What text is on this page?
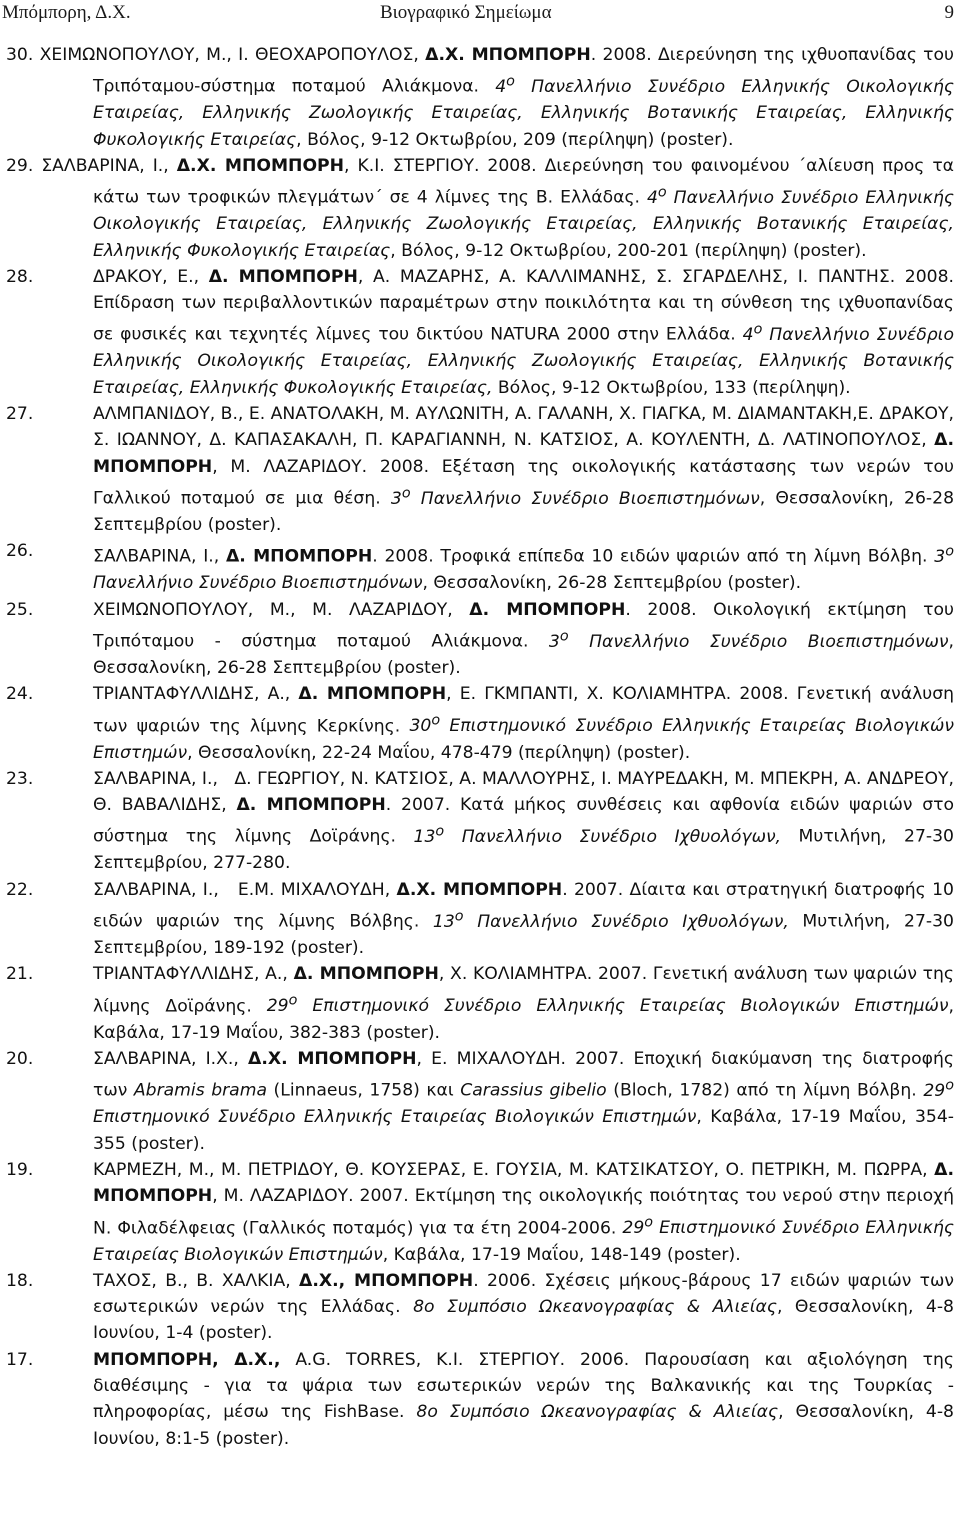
Μπόμπορη, Δ.Χ.	Βιογραφικό Σημείωμα	9
30. ΧΕΙΜΩΝΟΠΟΥΛΟΥ, Μ., Ι. ΘΕΟΧΑΡΟΠΟΥΛΟΣ, Δ.Χ. ΜΠΟΜΠΟΡΗ. 2008. Διερεύνηση της ιχθυοπανίδας του Τριπόταμου-σύστημα ποταμού Αλιάκμονα. $4^o$ Πανελλήνιο Συνέδριο Ελληνικής Οικολογικής Εταιρείας, Ελληνικής Ζωολογικής Εταιρείας, Ελληνικής Βοτανικής Εταιρείας, Ελληνικής Φυκολογικής Εταιρείας, Βόλος, 9-12 Οκτωβρίου, 209 (περίληψη) (poster).
29. ΣΑΛΒΑΡΙΝΑ, Ι., Δ.Χ. ΜΠΟΜΠΟΡΗ, Κ.Ι. ΣΤΕΡΓΙΟΥ. 2008. Διερεύνηση του φαινομένου ΄αλίευση προς τα κάτω των τροφικών πλεγμάτων΄ σε 4 λίμνες της Β. Ελλάδας. $4^o$ Πανελλήνιο Συνέδριο Ελληνικής Οικολογικής Εταιρείας, Ελληνικής Ζωολογικής Εταιρείας, Ελληνικής Βοτανικής Εταιρείας, Ελληνικής Φυκολογικής Εταιρείας, Βόλος, 9-12 Οκτωβρίου, 200-201 (περίληψη) (poster).
28.	ΔΡΑΚΟΥ, Ε., Δ. ΜΠΟΜΠΟΡΗ, Α. ΜΑΖΑΡΗΣ, Α. ΚΑΛΛΙΜΑΝΗΣ, Σ. ΣΓΑΡΔΕΛΗΣ, Ι. ΠΑΝΤΗΣ. 2008. Επίδραση των περιβαλλοντικών παραμέτρων στην ποικιλότητα και τη σύνθεση της ιχθυοπανίδας σε φυσικές και τεχνητές λίμνες του δικτύου NATURA 2000 στην Ελλάδα. $4^o$ Πανελλήνιο Συνέδριο Ελληνικής Οικολογικής Εταιρείας, Ελληνικής Ζωολογικής Εταιρείας, Ελληνικής Βοτανικής Εταιρείας, Ελληνικής Φυκολογικής Εταιρείας, Βόλος, 9-12 Οκτωβρίου, 133 (περίληψη).
27.	ΑΛΜΠΑΝΙΔΟΥ, Β., Ε. ΑΝΑΤΟΛΑΚΗ, Μ. ΑΥΛΩΝΙΤΗ, Α. ΓΑΛΑΝΗ, Χ. ΓΙΑΓΚΑ, Μ. ΔΙΑΜΑΝΤΑΚΗ,Ε. ΔΡΑΚΟΥ, Σ. ΙΩΑΝΝΟΥ, Δ. ΚΑΠΑΣΑΚΑΛΗ, Π. ΚΑΡΑΓΙΑΝΝΗ, Ν. ΚΑΤΣΙΟΣ, Α. ΚΟΥΛΕΝΤΗ, Δ. ΛΑΤΙΝΟΠΟΥΛΟΣ, Δ. ΜΠΟΜΠΟΡΗ, Μ. ΛΑΖΑΡΙΔΟΥ. 2008. Εξέταση της οικολογικής κατάστασης των νερών του Γαλλικού ποταμού σε μια θέση. $3^o$ Πανελλήνιο Συνέδριο Βιοεπιστημόνων, Θεσσαλονίκη, 26-28 Σεπτεμβρίου (poster).
26.	ΣΑΛΒΑΡΙΝΑ, Ι., Δ. ΜΠΟΜΠΟΡΗ. 2008. Τροφικά επίπεδα 10 ειδών ψαριών από τη λίμνη Βόλβη. $3^o$ Πανελλήνιο Συνέδριο Βιοεπιστημόνων, Θεσσαλονίκη, 26-28 Σεπτεμβρίου (poster).
25.	ΧΕΙΜΩΝΟΠΟΥΛΟΥ, Μ., Μ. ΛΑΖΑΡΙΔΟΥ, Δ. ΜΠΟΜΠΟΡΗ. 2008. Οικολογική εκτίμηση του Τριπόταμου - σύστημα ποταμού Αλιάκμονα. $3^o$ Πανελλήνιο Συνέδριο Βιοεπιστημόνων, Θεσσαλονίκη, 26-28 Σεπτεμβρίου (poster).
24.	ΤΡΙΑΝΤΑΦΥΛΛΙΔΗΣ, Α., Δ. ΜΠΟΜΠΟΡΗ, Ε. ΓΚΜΠΑΝΤΙ, Χ. ΚΟΛΙΑΜΗΤΡΑ. 2008. Γενετική ανάλυση των ψαριών της λίμνης Κερκίνης. $30^o$ Επιστημονικό Συνέδριο Ελληνικής Εταιρείας Βιολογικών Επιστημών, Θεσσαλονίκη, 22-24 Μαΐου, 478-479 (περίληψη) (poster).
23.	ΣΑΛΒΑΡΙΝΑ, Ι.,   Δ. ΓΕΩΡΓΙΟΥ, Ν. ΚΑΤΣΙΟΣ, Α. ΜΑΛΛΟΥΡΗΣ, Ι. ΜΑΥΡΕΔΑΚΗ, Μ. ΜΠΕΚΡΗ, Α. ΑΝΔΡΕΟΥ, Θ. ΒΑΒΑΛΙΔΗΣ, Δ. ΜΠΟΜΠΟΡΗ. 2007. Κατά μήκος συνθέσεις και αφθονία ειδών ψαριών στο σύστημα της λίμνης Δοϊράνης. $13^o$ Πανελλήνιο Συνέδριο Ιχθυολόγων, Μυτιλήνη, 27-30 Σεπτεμβρίου, 277-280.
22.	ΣΑΛΒΑΡΙΝΑ, Ι.,   Ε.Μ. ΜΙΧΑΛΟΥΔΗ, Δ.Χ. ΜΠΟΜΠΟΡΗ. 2007. Δίαιτα και στρατηγική διατροφής 10 ειδών ψαριών της λίμνης Βόλβης. $13^o$ Πανελλήνιο Συνέδριο Ιχθυολόγων, Μυτιλήνη, 27-30 Σεπτεμβρίου, 189-192 (poster).
21.	ΤΡΙΑΝΤΑΦΥΛΛΙΔΗΣ, Α., Δ. ΜΠΟΜΠΟΡΗ, Χ. ΚΟΛΙΑΜΗΤΡΑ. 2007. Γενετική ανάλυση των ψαριών της λίμνης Δοϊράνης. $29^o$ Επιστημονικό Συνέδριο Ελληνικής Εταιρείας Βιολογικών Επιστημών, Καβάλα, 17-19 Μαΐου, 382-383 (poster).
20.	ΣΑΛΒΑΡΙΝΑ, Ι.Χ., Δ.Χ. ΜΠΟΜΠΟΡΗ, Ε. ΜΙΧΑΛΟΥΔΗ. 2007. Εποχική διακύμανση της διατροφής των Abramis brama (Linnaeus, 1758) και Carassius gibelio (Bloch, 1782) από τη λίμνη Βόλβη. $29^o$ Επιστημονικό Συνέδριο Ελληνικής Εταιρείας Βιολογικών Επιστημών, Καβάλα, 17-19 Μαΐου, 354-355 (poster).
19.	ΚΑΡΜΕΖΗ, Μ., Μ. ΠΕΤΡΙΔΟΥ, Θ. ΚΟΥΣΕΡΑΣ, Ε. ΓΟΥΣΙΑ, Μ. ΚΑΤΣΙΚΑΤΣΟΥ, Ο. ΠΕΤΡΙΚΗ, Μ. ΠΩΡΡΑ, Δ. ΜΠΟΜΠΟΡΗ, Μ. ΛΑΖΑΡΙΔΟΥ. 2007. Εκτίμηση της οικολογικής ποιότητας του νερού στην περιοχή Ν. Φιλαδέλφειας (Γαλλικός ποταμός) για τα έτη 2004-2006. $29^o$ Επιστημονικό Συνέδριο Ελληνικής Εταιρείας Βιολογικών Επιστημών, Καβάλα, 17-19 Μαΐου, 148-149 (poster).
18.	ΤΑΧΟΣ, Β., Β. ΧΑΛΚΙΑ, Δ.Χ., ΜΠΟΜΠΟΡΗ. 2006. Σχέσεις μήκους-βάρους 17 ειδών ψαριών των εσωτερικών νερών της Ελλάδας. 8ο Συμπόσιο Ωκεανογραφίας & Αλιείας, Θεσσαλονίκη, 4-8 Ιουνίου, 1-4 (poster).
17.	ΜΠΟΜΠΟΡΗ, Δ.Χ., A.G. TORRES, Κ.Ι. ΣΤΕΡΓΙΟΥ. 2006. Παρουσίαση και αξιολόγηση της διαθέσιμης - για τα ψάρια των εσωτερικών νερών της Βαλκανικής και της Τουρκίας - πληροφορίας, μέσω της FishBase. 8ο Συμπόσιο Ωκεανογραφίας & Αλιείας, Θεσσαλονίκη, 4-8 Ιουνίου, 8:1-5 (poster).
